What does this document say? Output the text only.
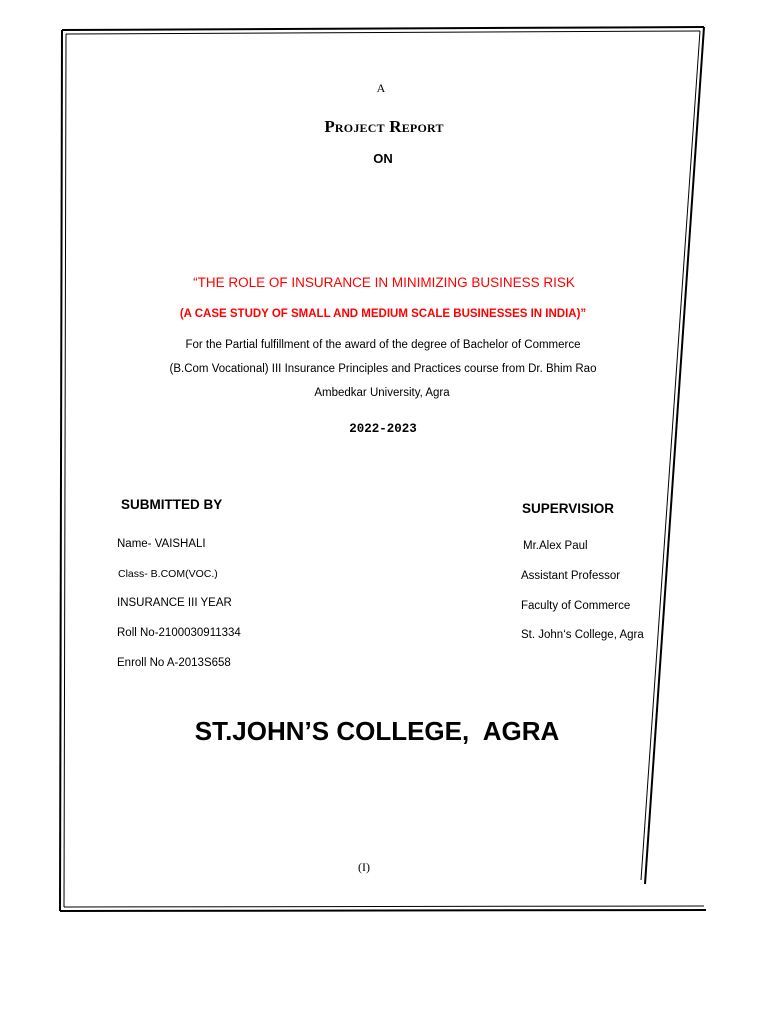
A
Project Report
ON
“THE ROLE OF INSURANCE IN MINIMIZING BUSINESS RISK
(A CASE STUDY OF SMALL AND MEDIUM SCALE BUSINESSES IN INDIA)”
For the Partial fulfillment of the award of the degree of Bachelor of Commerce
(B.Com Vocational) III Insurance Principles and Practices course from Dr. Bhim Rao
Ambedkar University, Agra
2022-2023
SUBMITTED BY
Name- VAISHALI
Class- B.COM(VOC.)
INSURANCE III YEAR
Roll No-2100030911334
Enroll No A-2013S658
SUPERVISIOR
Mr.Alex Paul
Assistant Professor
Faculty of Commerce
St. John‘s College, Agra
ST.JOHN’S COLLEGE,  AGRA
(I)
